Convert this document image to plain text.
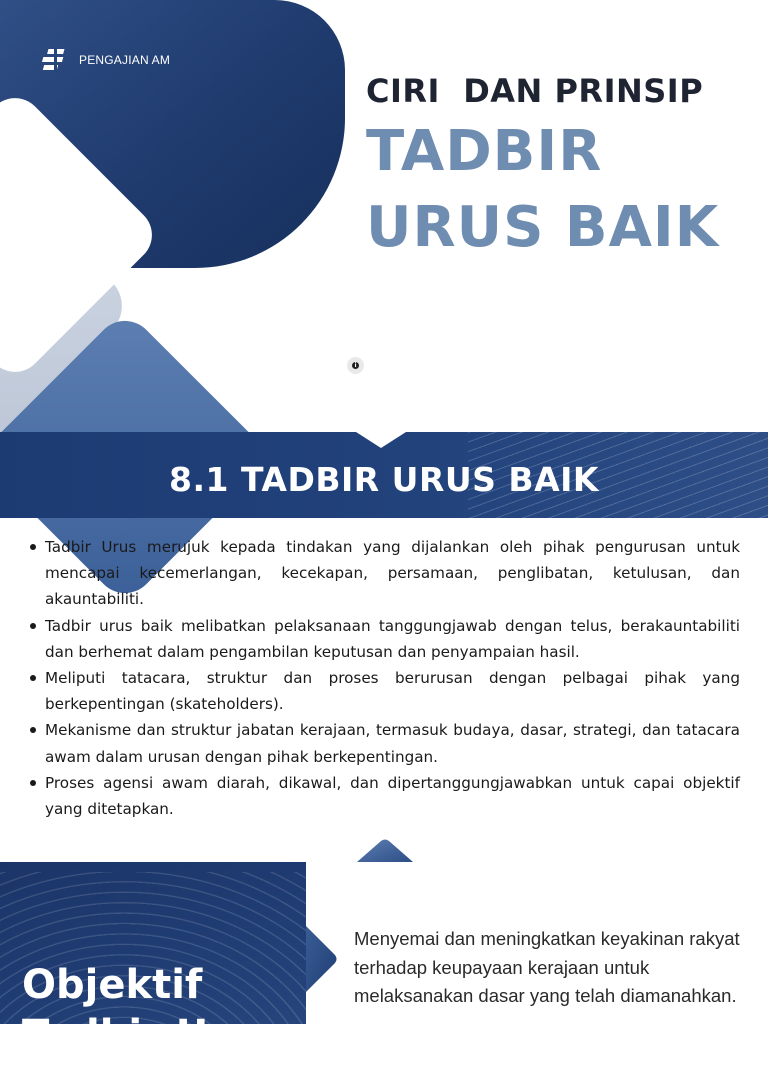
PENGAJIAN AM
CIRI  DAN PRINSIP
TADBIR
URUS BAIK
i
8.1 TADBIR URUS BAIK
Tadbir Urus merujuk kepada tindakan yang dijalankan oleh pihak pengurusan untuk mencapai kecemerlangan, kecekapan, persamaan, penglibatan, ketulusan, dan akauntabiliti.
Tadbir urus baik melibatkan pelaksanaan tanggungjawab dengan telus, berakauntabiliti dan berhemat dalam pengambilan keputusan dan penyampaian hasil.
Meliputi tatacara, struktur dan proses berurusan dengan pelbagai pihak yang berkepentingan (skateholders).
Mekanisme dan struktur jabatan kerajaan, termasuk budaya, dasar, strategi, dan tatacara awam dalam urusan dengan pihak berkepentingan.
Proses agensi awam diarah, dikawal, dan dipertanggungjawabkan untuk capai objektif yang ditetapkan.
Objektif
Tadbir Urus
Menyemai dan meningkatkan keyakinan rakyat terhadap keupayaan kerajaan untuk melaksanakan dasar yang telah diamanahkan.
